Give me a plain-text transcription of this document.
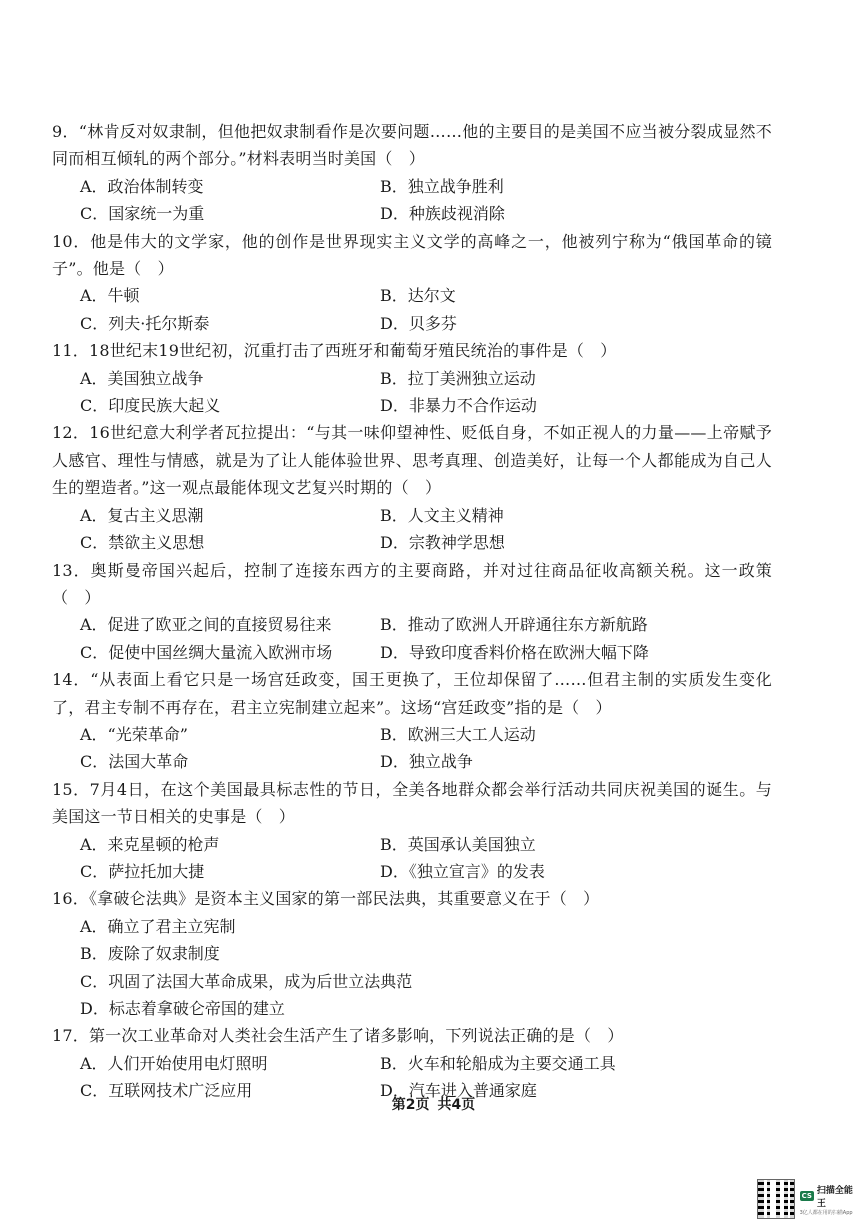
9．“林肯反对奴隶制，但他把奴隶制看作是次要问题……他的主要目的是美国不应当被分裂成显然不同而相互倾轧的两个部分。”材料表明当时美国（　）

A．政治体制转变	B．独立战争胜利
C．国家统一为重	D．种族歧视消除

10．他是伟大的文学家，他的创作是世界现实主义文学的高峰之一，他被列宁称为“俄国革命的镜子”。他是（　）

A．牛顿	B．达尔文
C．列夫·托尔斯泰	D．贝多芬

11．18世纪末19世纪初，沉重打击了西班牙和葡萄牙殖民统治的事件是（　）

A．美国独立战争	B．拉丁美洲独立运动
C．印度民族大起义	D．非暴力不合作运动

12．16世纪意大利学者瓦拉提出：“与其一味仰望神性、贬低自身，不如正视人的力量——上帝赋予人感官、理性与情感，就是为了让人能体验世界、思考真理、创造美好，让每一个人都能成为自己人生的塑造者。”这一观点最能体现文艺复兴时期的（　）

A．复古主义思潮	B．人文主义精神
C．禁欲主义思想	D．宗教神学思想

13．奥斯曼帝国兴起后，控制了连接东西方的主要商路，并对过往商品征收高额关税。这一政策（　）

A．促进了欧亚之间的直接贸易往来	B．推动了欧洲人开辟通往东方新航路
C．促使中国丝绸大量流入欧洲市场	D．导致印度香料价格在欧洲大幅下降

14．“从表面上看它只是一场宫廷政变，国王更换了，王位却保留了……但君主制的实质发生变化了，君主专制不再存在，君主立宪制建立起来”。这场“宫廷政变”指的是（　）

A．“光荣革命”	B．欧洲三大工人运动
C．法国大革命	D．独立战争

15．7月4日，在这个美国最具标志性的节日，全美各地群众都会举行活动共同庆祝美国的诞生。与美国这一节日相关的史事是（　）

A．来克星顿的枪声	B．英国承认美国独立
C．萨拉托加大捷	D．《独立宣言》的发表

16．《拿破仑法典》是资本主义国家的第一部民法典，其重要意义在于（　）

A．确立了君主立宪制
B．废除了奴隶制度
C．巩固了法国大革命成果，成为后世立法典范
D．标志着拿破仑帝国的建立

17．第一次工业革命对人类社会生活产生了诸多影响，下列说法正确的是（　）

A．人们开始使用电灯照明	B．火车和轮船成为主要交通工具
C．互联网技术广泛应用	D．汽车进入普通家庭
第2页 共4页
CS 扫描全能王
3亿人都在用的扫描App
